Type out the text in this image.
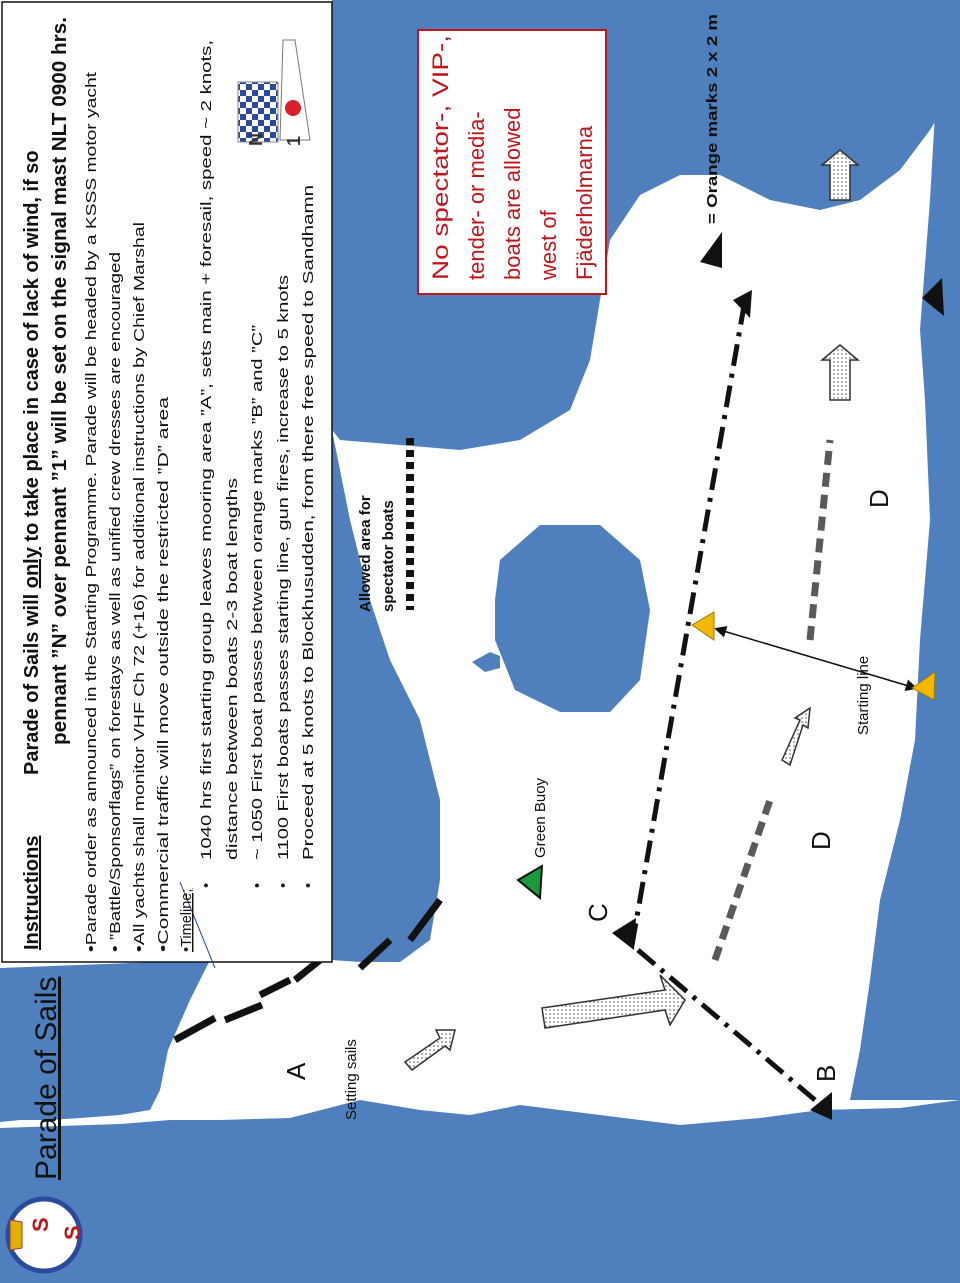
S
S
Parade of Sails
Instructions
Parade of Sails will only to take place in case of lack of wind, if so pennant ”N” over pennant ”1” will be set on the signal mast NLT 0900 hrs. •Parade order as announced in the Starting Programme. Parade will be headed by a KSSS motor yacht • ”Battle/Sponsorflags” on forestays as well as unified crew dresses are encouraged •All yachts shall monitor VHF Ch 72 (+16) for additional instructions by Chief Marshal •Commercial traffic will move outside the restricted ”D” area •Timeline;
•
1040 hrs first starting group leaves mooring area ”A”, sets main + foresail, speed ~ 2 knots, distance between boats 2-3 boat lengths
•
~ 1050 First boat passes between orange marks ”B” and ”C”
•
1100 First boats passes starting line, gun fires, increase to 5 knots
•
Proceed at 5 knots to Blockhusudden, from there free speed to Sandhamn
N 1
A Setting sails
Green Buoy
Allowed area for spectator boats
B
C
D
D
Starting line
No spectator-, VIP-, tender- or media- boats are allowed west of Fjäderholmarna	= Orange marks 2 x 2 m
